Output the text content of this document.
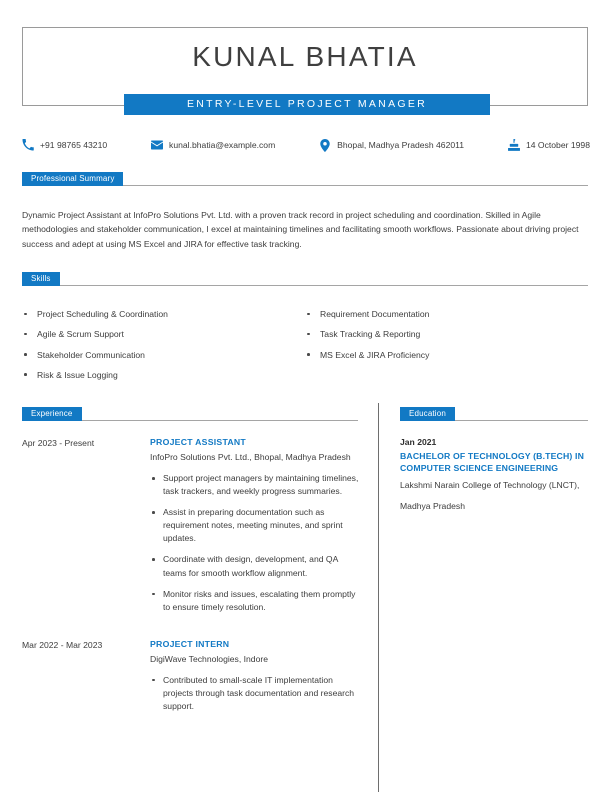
KUNAL BHATIA
ENTRY-LEVEL PROJECT MANAGER
+91 98765 43210	kunal.bhatia@example.com	Bhopal, Madhya Pradesh 462011	14 October 1998
Professional Summary
Dynamic Project Assistant at InfoPro Solutions Pvt. Ltd. with a proven track record in project scheduling and coordination. Skilled in Agile methodologies and stakeholder communication, I excel at maintaining timelines and facilitating smooth workflows. Passionate about driving project success and adept at using MS Excel and JIRA for effective task tracking.
Skills
Project Scheduling & Coordination
Agile & Scrum Support
Stakeholder Communication
Risk & Issue Logging
Requirement Documentation
Task Tracking & Reporting
MS Excel & JIRA Proficiency
Experience
Apr 2023 - Present	PROJECT ASSISTANT
InfoPro Solutions Pvt. Ltd., Bhopal, Madhya Pradesh
Support project managers by maintaining timelines, task trackers, and weekly progress summaries.
Assist in preparing documentation such as requirement notes, meeting minutes, and sprint updates.
Coordinate with design, development, and QA teams for smooth workflow alignment.
Monitor risks and issues, escalating them promptly to ensure timely resolution.
Mar 2022 - Mar 2023	PROJECT INTERN
DigiWave Technologies, Indore
Contributed to small-scale IT implementation projects through task documentation and research support.
Education
Jan 2021
BACHELOR OF TECHNOLOGY (B.TECH) IN COMPUTER SCIENCE ENGINEERING
Lakshmi Narain College of Technology (LNCT),
Madhya Pradesh
